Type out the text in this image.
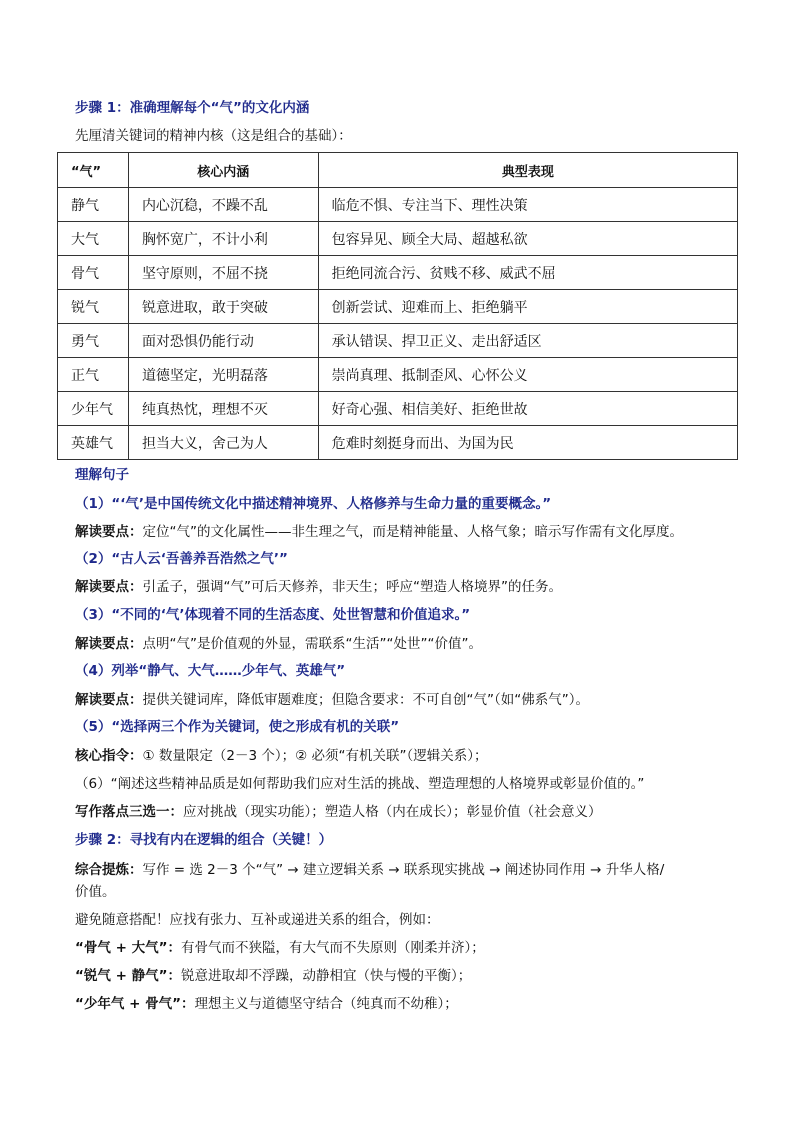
步骤 1：准确理解每个“气”的文化内涵
先厘清关键词的精神内核（这是组合的基础）：
“气”	核心内涵	典型表现
静气	内心沉稳，不躁不乱	临危不惧、专注当下、理性决策
大气	胸怀宽广，不计小利	包容异见、顾全大局、超越私欲
骨气	坚守原则，不屈不挠	拒绝同流合污、贫贱不移、威武不屈
锐气	锐意进取，敢于突破	创新尝试、迎难而上、拒绝躺平
勇气	面对恐惧仍能行动	承认错误、捍卫正义、走出舒适区
正气	道德坚定，光明磊落	崇尚真理、抵制歪风、心怀公义
少年气	纯真热忱，理想不灭	好奇心强、相信美好、拒绝世故
英雄气	担当大义，舍己为人	危难时刻挺身而出、为国为民
理解句子
（1）“‘气’是中国传统文化中描述精神境界、人格修养与生命力量的重要概念。”
解读要点：定位“气”的文化属性——非生理之气，而是精神能量、人格气象；暗示写作需有文化厚度。
（2）“古人云‘吾善养吾浩然之气’”
解读要点：引孟子，强调“气”可后天修养，非天生；呼应“塑造人格境界”的任务。
（3）“不同的‘气’体现着不同的生活态度、处世智慧和价值追求。”
解读要点：点明“气”是价值观的外显，需联系“生活”“处世”“价值”。
（4）列举“静气、大气……少年气、英雄气”
解读要点：提供关键词库，降低审题难度；但隐含要求：不可自创“气”（如“佛系气”）。
（5）“选择两三个作为关键词，使之形成有机的关联”
核心指令：① 数量限定（2－3 个）；② 必须“有机关联”（逻辑关系）；
（6）“阐述这些精神品质是如何帮助我们应对生活的挑战、塑造理想的人格境界或彰显价值的。”
写作落点三选一：应对挑战（现实功能）；塑造人格（内在成长）；彰显价值（社会意义）
步骤 2：寻找有内在逻辑的组合（关键！）
综合提炼：写作 = 选 2－3 个“气” → 建立逻辑关系 → 联系现实挑战 → 阐述协同作用 → 升华人格/
价值。
避免随意搭配！应找有张力、互补或递进关系的组合，例如：
“骨气 + 大气”：有骨气而不狭隘，有大气而不失原则（刚柔并济）；
“锐气 + 静气”：锐意进取却不浮躁，动静相宜（快与慢的平衡）；
“少年气 + 骨气”：理想主义与道德坚守结合（纯真而不幼稚）；
